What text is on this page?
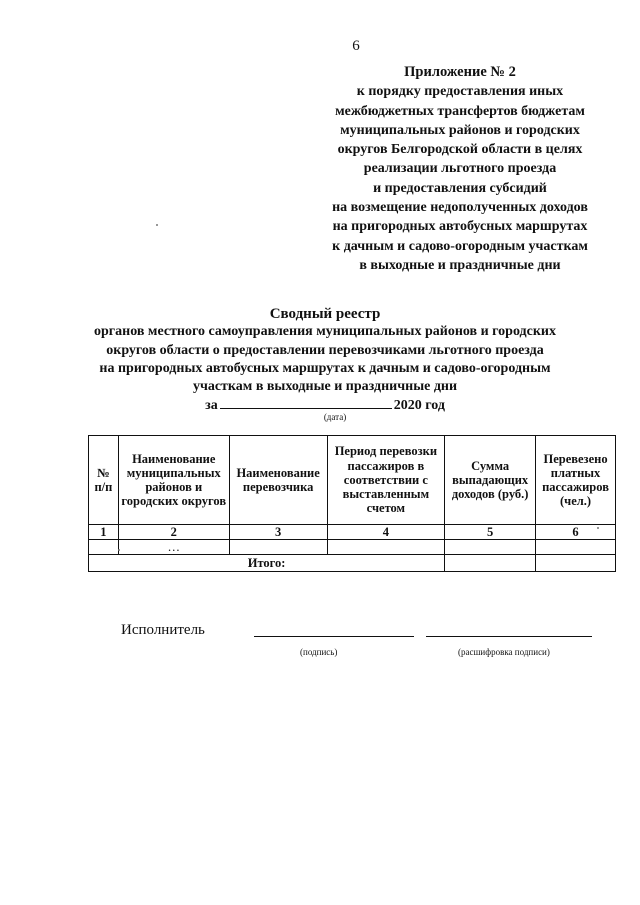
6
Приложение № 2
к порядку предоставления иных
межбюджетных трансфертов бюджетам
муниципальных районов и городских
округов Белгородской области в целях
реализации льготного проезда
и предоставления субсидий
на возмещение недополученных доходов
на пригородных автобусных маршрутах
к дачным и садово-огородным участкам
в выходные и праздничные дни
Сводный реестр
органов местного самоуправления муниципальных районов и городских
округов области о предоставлении перевозчиками льготного проезда
на пригородных автобусных маршрутах к дачным и садово-огородным
участкам в выходные и праздничные дни
за	2020 год
(дата)
№ п/п	Наименование муниципальных районов и городских округов	Наименование перевозчика	Период перевозки пассажиров в соответствии с выставленным счетом	Сумма выпадающих доходов (руб.)	Перевезено платных пассажиров (чел.)
1	2	3	4	5	6
	…				
Итого:					
Исполнитель
(подпись)	(расшифровка подписи)
